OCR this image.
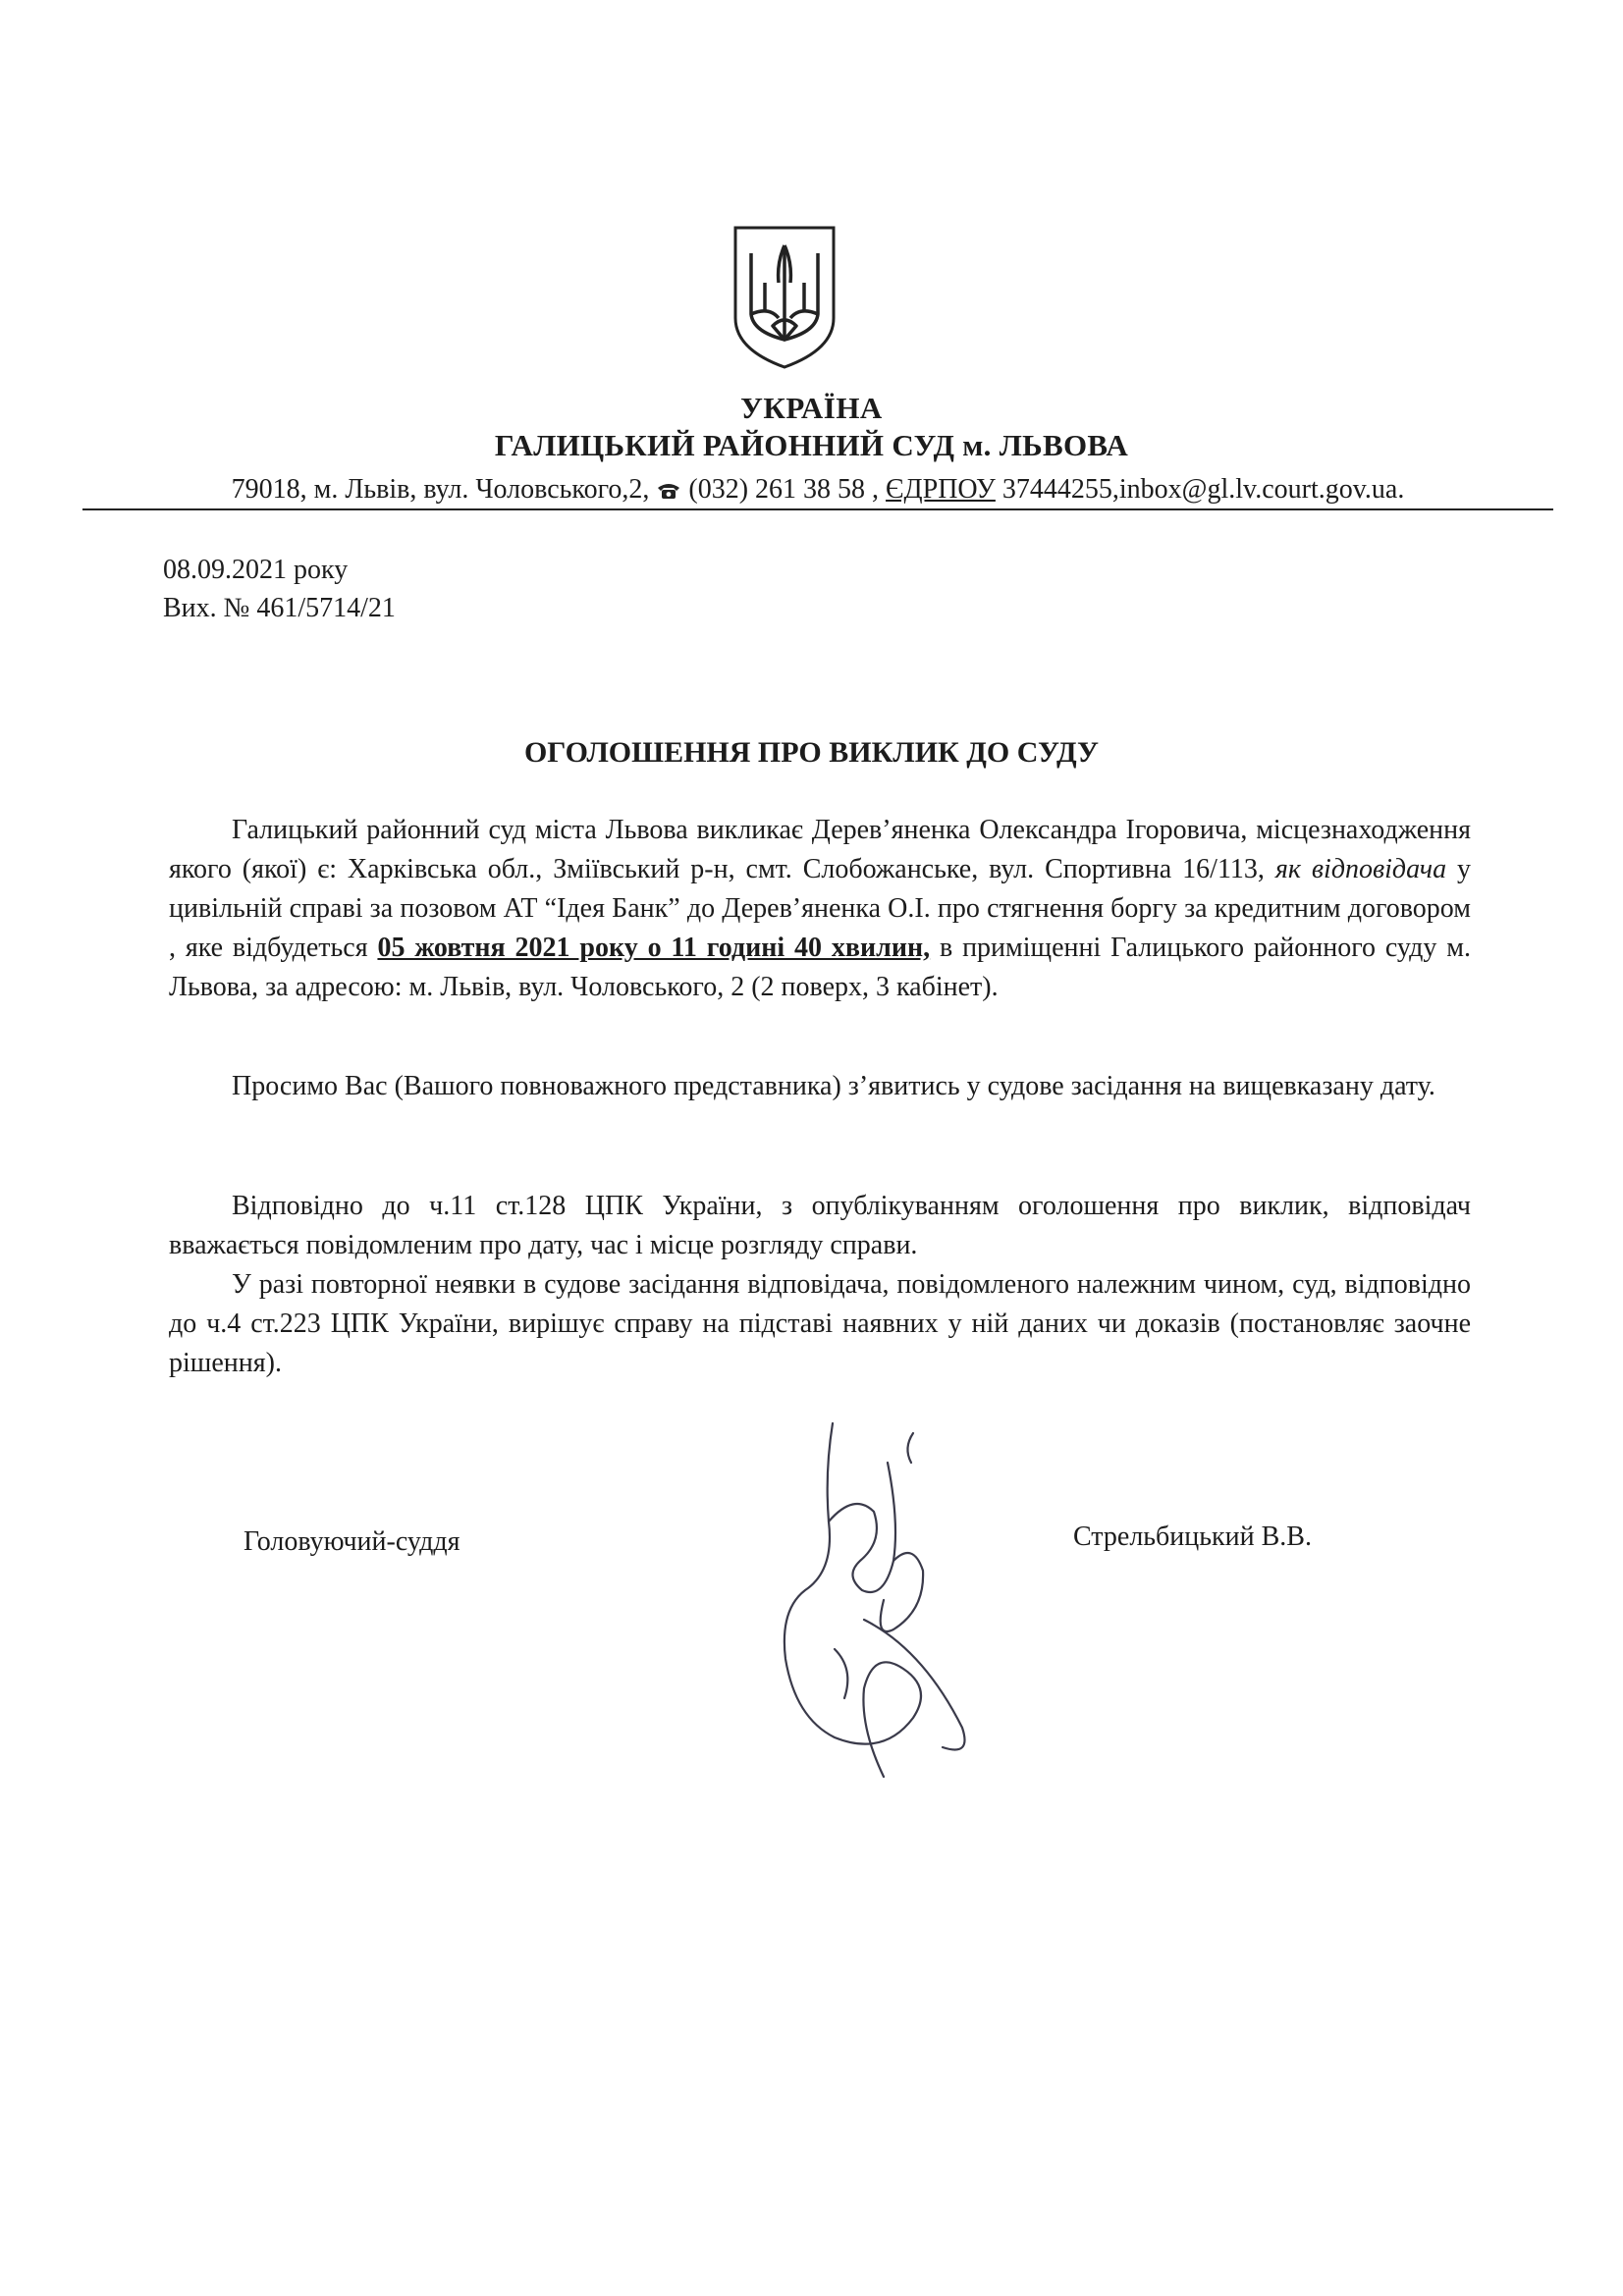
УКРАЇНА
ГАЛИЦЬКИЙ РАЙОННИЙ СУД м. ЛЬВОВА
79018, м. Львів, вул. Чоловського,2, (032) 261 38 58 , ЄДРПОУ 37444255,inbox@gl.lv.court.gov.ua.
08.09.2021 року
Вих. № 461/5714/21
ОГОЛОШЕННЯ ПРО ВИКЛИК ДО СУДУ

Галицький районний суд міста Львова викликає Дерев’яненка Олександра Ігоровича, місцезнаходження якого (якої) є: Харківська обл., Зміївський р-н, смт. Слобожанське, вул. Спортивна 16/113, як відповідача у цивільній справі за позовом АТ “Ідея Банк” до Дерев’яненка О.І. про стягнення боргу за кредитним договором , яке відбудеться 05 жовтня 2021 року о 11 годині 40 хвилин, в приміщенні Галицького районного суду м. Львова, за адресою: м. Львів, вул. Чоловського, 2 (2 поверх, 3 кабінет).

Просимо Вас (Вашого повноважного представника) з’явитись у судове засідання на вищевказану дату.

Відповідно до ч.11 ст.128 ЦПК України, з опублікуванням оголошення про виклик, відповідач вважається повідомленим про дату, час і місце розгляду справи.

У разі повторної неявки в судове засідання відповідача, повідомленого належним чином, суд, відповідно до ч.4 ст.223 ЦПК України, вирішує справу на підставі наявних у ній даних чи доказів (постановляє заочне рішення).

Головуючий-суддя	Стрельбицький В.В.
